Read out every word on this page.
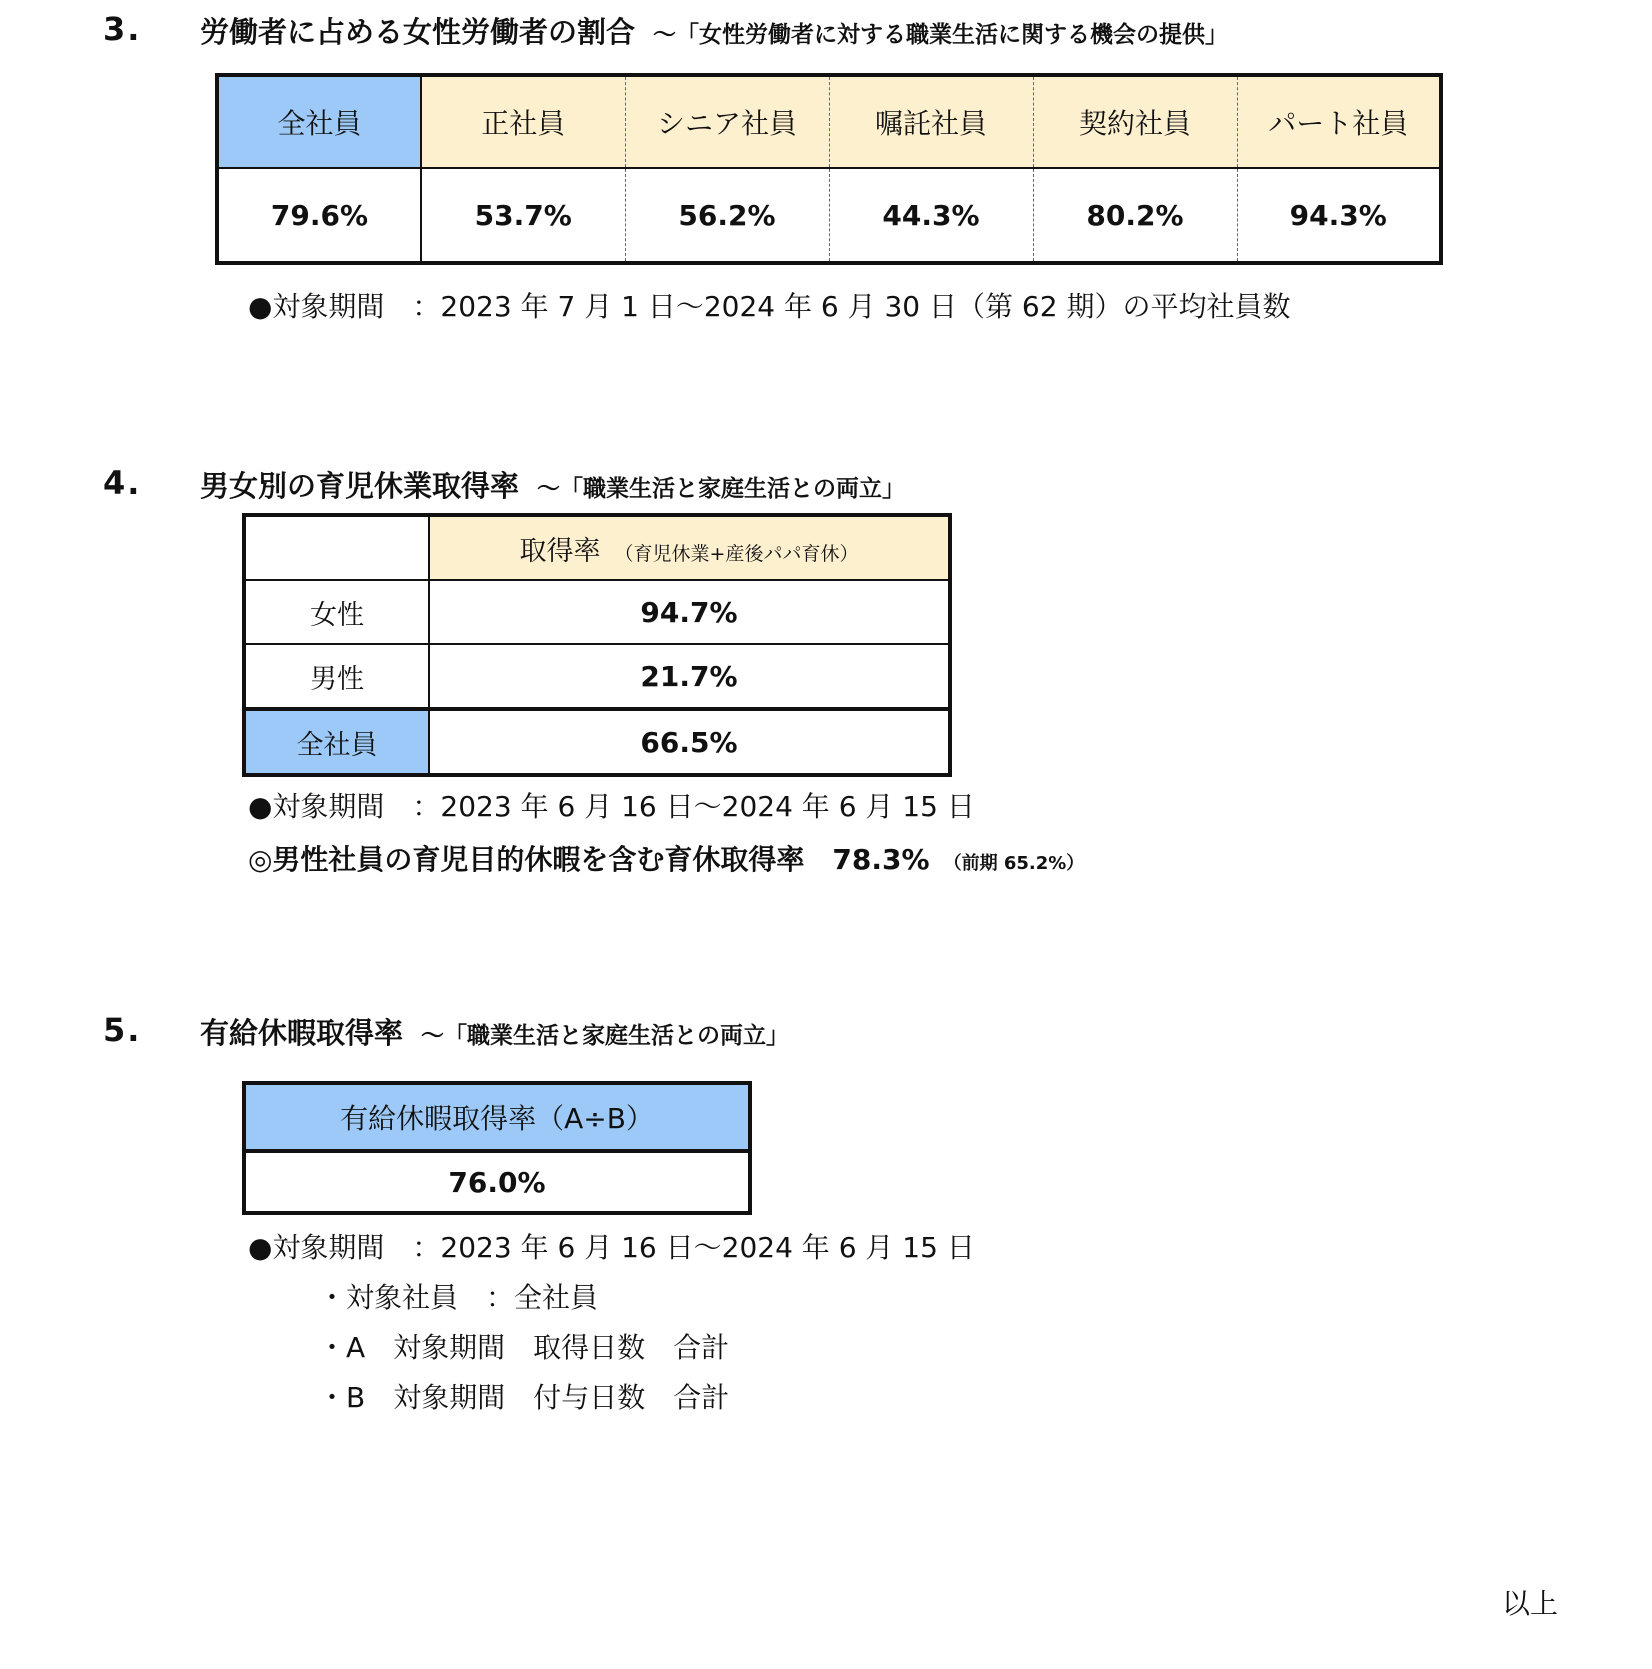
3. 労働者に占める女性労働者の割合 ～「女性労働者に対する職業生活に関する機会の提供」
全社員	正社員	シニア社員	嘱託社員	契約社員	パート社員
79.6%	53.7%	56.2%	44.3%	80.2%	94.3%
●対象期間　：2023 年 7 月 1 日～2024 年 6 月 30 日（第 62 期）の平均社員数
4. 男女別の育児休業取得率 ～「職業生活と家庭生活との両立」
	取得率 （育児休業+産後パパ育休）
女性	94.7%
男性	21.7%
全社員	66.5%
●対象期間　：2023 年 6 月 16 日～2024 年 6 月 15 日
◎男性社員の育児目的休暇を含む育休取得率　78.3% （前期 65.2%）
5. 有給休暇取得率 ～「職業生活と家庭生活との両立」
有給休暇取得率（A÷B）
76.0%
●対象期間　：2023 年 6 月 16 日～2024 年 6 月 15 日
・対象社員　：全社員
・A　対象期間　取得日数　合計
・B　対象期間　付与日数　合計
以上
